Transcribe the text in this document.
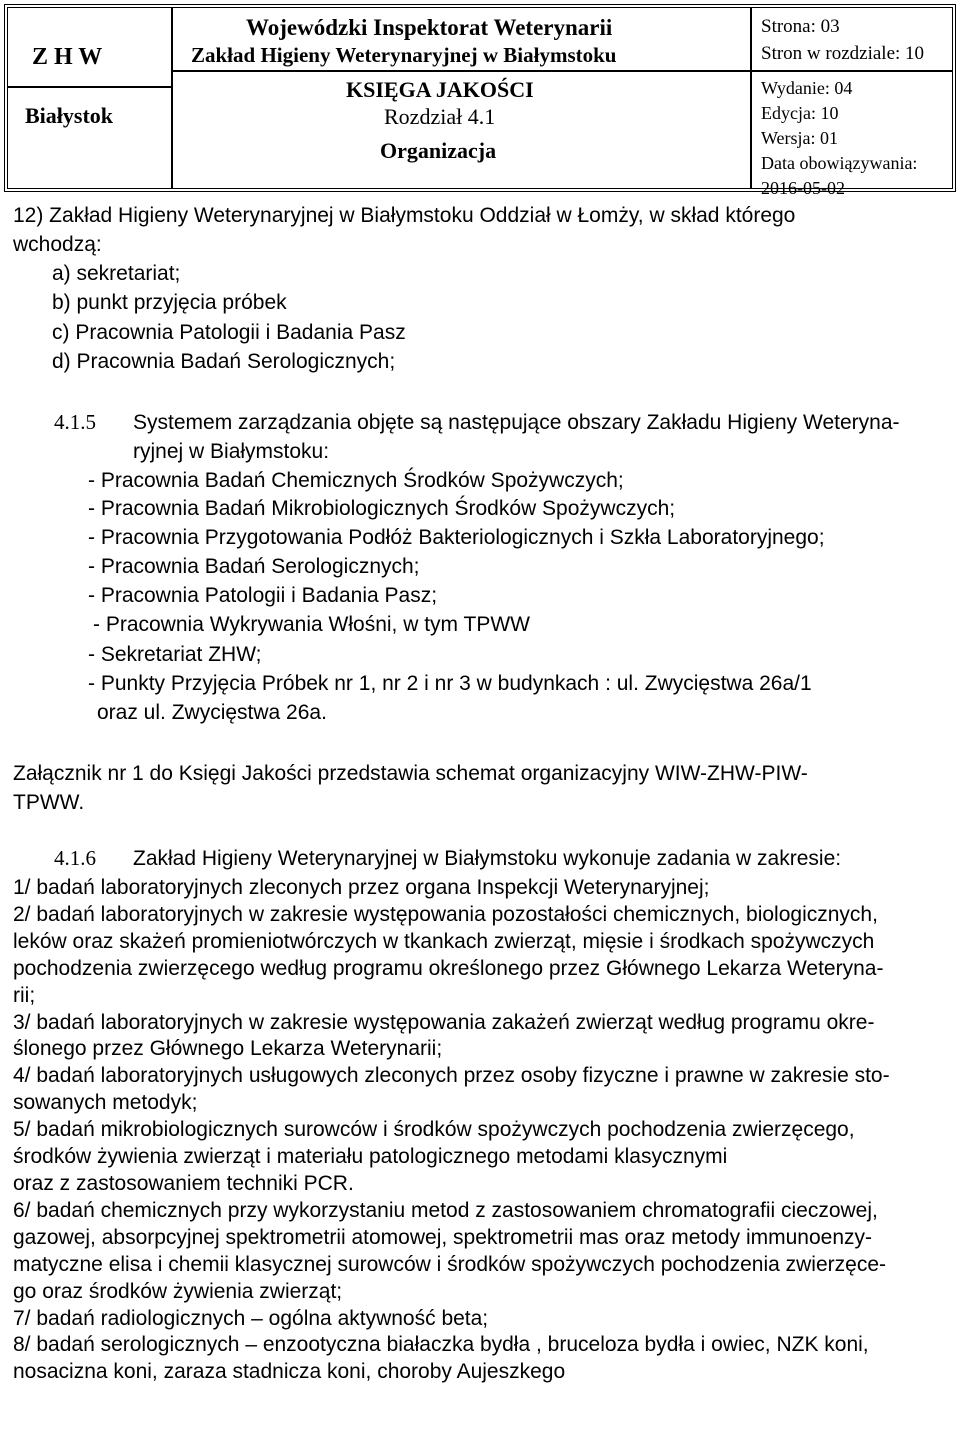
Z H W
Białystok
Wojewódzki Inspektorat Weterynarii
Zakład Higieny Weterynaryjnej w Białymstoku
KSIĘGA JAKOŚCI
Rozdział 4.1
Organizacja
Strona: 03
Stron w rozdziale: 10
Wydanie: 04
Edycja: 10
Wersja: 01
Data obowiązywania:
2016-05-02
12) Zakład Higieny Weterynaryjnej w Białymstoku Oddział w Łomży, w skład którego
wchodzą:
a) sekretariat;
b) punkt przyjęcia próbek
c) Pracownia Patologii i Badania Pasz
d) Pracownia Badań Serologicznych;
4.1.5 Systemem zarządzania objęte są następujące obszary Zakładu Higieny Weteryna-
ryjnej w Białymstoku:
- Pracownia Badań Chemicznych Środków Spożywczych;
- Pracownia Badań Mikrobiologicznych Środków Spożywczych;
- Pracownia Przygotowania Podłóż Bakteriologicznych i Szkła Laboratoryjnego;
- Pracownia Badań Serologicznych;
- Pracownia Patologii i Badania Pasz;
- Pracownia Wykrywania Włośni, w tym TPWW
- Sekretariat ZHW;
- Punkty Przyjęcia Próbek nr 1, nr 2 i nr 3 w budynkach : ul. Zwycięstwa 26a/1
oraz ul. Zwycięstwa 26a.
Załącznik nr 1 do Księgi Jakości przedstawia schemat organizacyjny WIW-ZHW-PIW-
TPWW.
4.1.6 Zakład Higieny Weterynaryjnej w Białymstoku wykonuje zadania w zakresie:
1/ badań laboratoryjnych zleconych przez organa Inspekcji Weterynaryjnej;
2/ badań laboratoryjnych w zakresie występowania pozostałości chemicznych, biologicznych,
leków oraz skażeń promieniotwórczych w tkankach zwierząt, mięsie i środkach spożywczych
pochodzenia zwierzęcego według programu określonego przez Głównego Lekarza Weteryna-
rii;
3/ badań laboratoryjnych w zakresie występowania zakażeń zwierząt według programu okre-
ślonego przez Głównego Lekarza Weterynarii;
4/ badań laboratoryjnych usługowych zleconych przez osoby fizyczne i prawne w zakresie sto-
sowanych metodyk;
5/ badań mikrobiologicznych surowców i środków spożywczych pochodzenia zwierzęcego,
środków żywienia zwierząt i materiału patologicznego metodami klasycznymi
oraz z zastosowaniem techniki PCR.
6/ badań chemicznych przy wykorzystaniu metod z zastosowaniem chromatografii cieczowej,
gazowej, absorpcyjnej spektrometrii atomowej, spektrometrii mas oraz metody immunoenzy-
matyczne elisa i chemii klasycznej surowców i środków spożywczych pochodzenia zwierzęce-
go oraz środków żywienia zwierząt;
7/ badań radiologicznych – ogólna aktywność beta;
8/ badań serologicznych – enzootyczna białaczka bydła , bruceloza bydła i owiec, NZK koni,
nosacizna koni, zaraza stadnicza koni, choroby Aujeszkego
